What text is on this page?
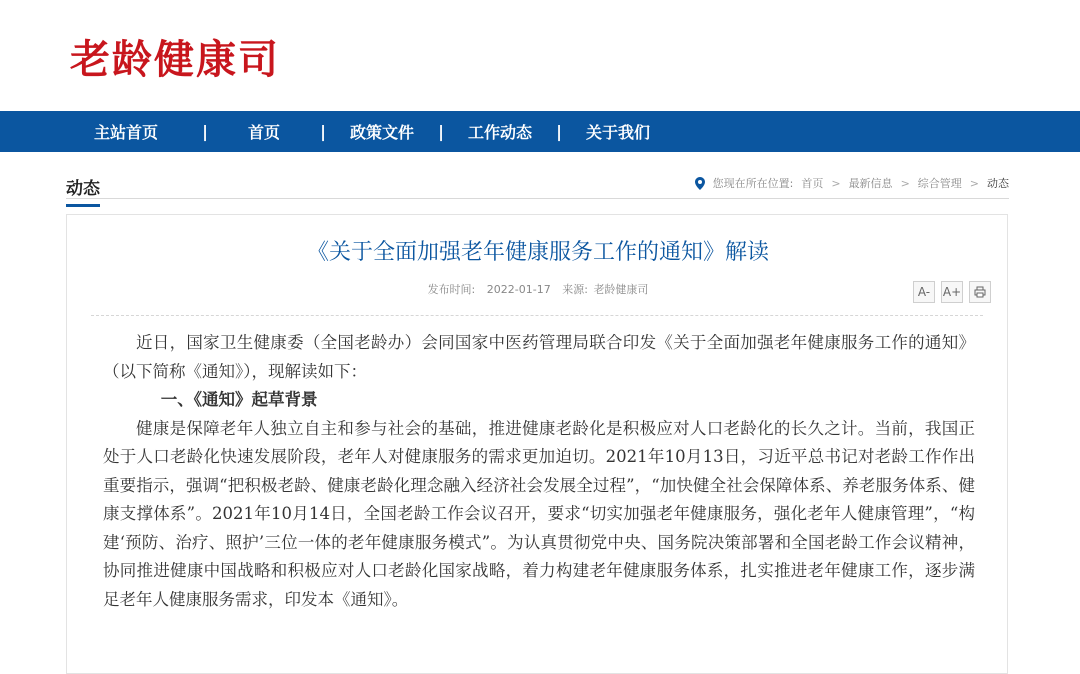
老龄健康司
主站首页	|	首页	|	政策文件	|	工作动态	|	关于我们
动态	您现在所在位置: 首页 > 最新信息 > 综合管理 > 动态
《关于全面加强老年健康服务工作的通知》解读
发布时间: 2022-01-17 来源: 老龄健康司	A-	A+

近日，国家卫生健康委（全国老龄办）会同国家中医药管理局联合印发《关于全面加强老年健康服务工作的通知》（以下简称《通知》），现解读如下：

一、《通知》起草背景

健康是保障老年人独立自主和参与社会的基础，推进健康老龄化是积极应对人口老龄化的长久之计。当前，我国正处于人口老龄化快速发展阶段，老年人对健康服务的需求更加迫切。2021年10月13日，习近平总书记对老龄工作作出重要指示，强调“把积极老龄、健康老龄化理念融入经济社会发展全过程”，“加快健全社会保障体系、养老服务体系、健康支撑体系”。2021年10月14日，全国老龄工作会议召开，要求“切实加强老年健康服务，强化老年人健康管理”，“构建‘预防、治疗、照护’三位一体的老年健康服务模式”。为认真贯彻党中央、国务院决策部署和全国老龄工作会议精神，协同推进健康中国战略和积极应对人口老龄化国家战略，着力构建老年健康服务体系，扎实推进老年健康工作，逐步满足老年人健康服务需求，印发本《通知》。
